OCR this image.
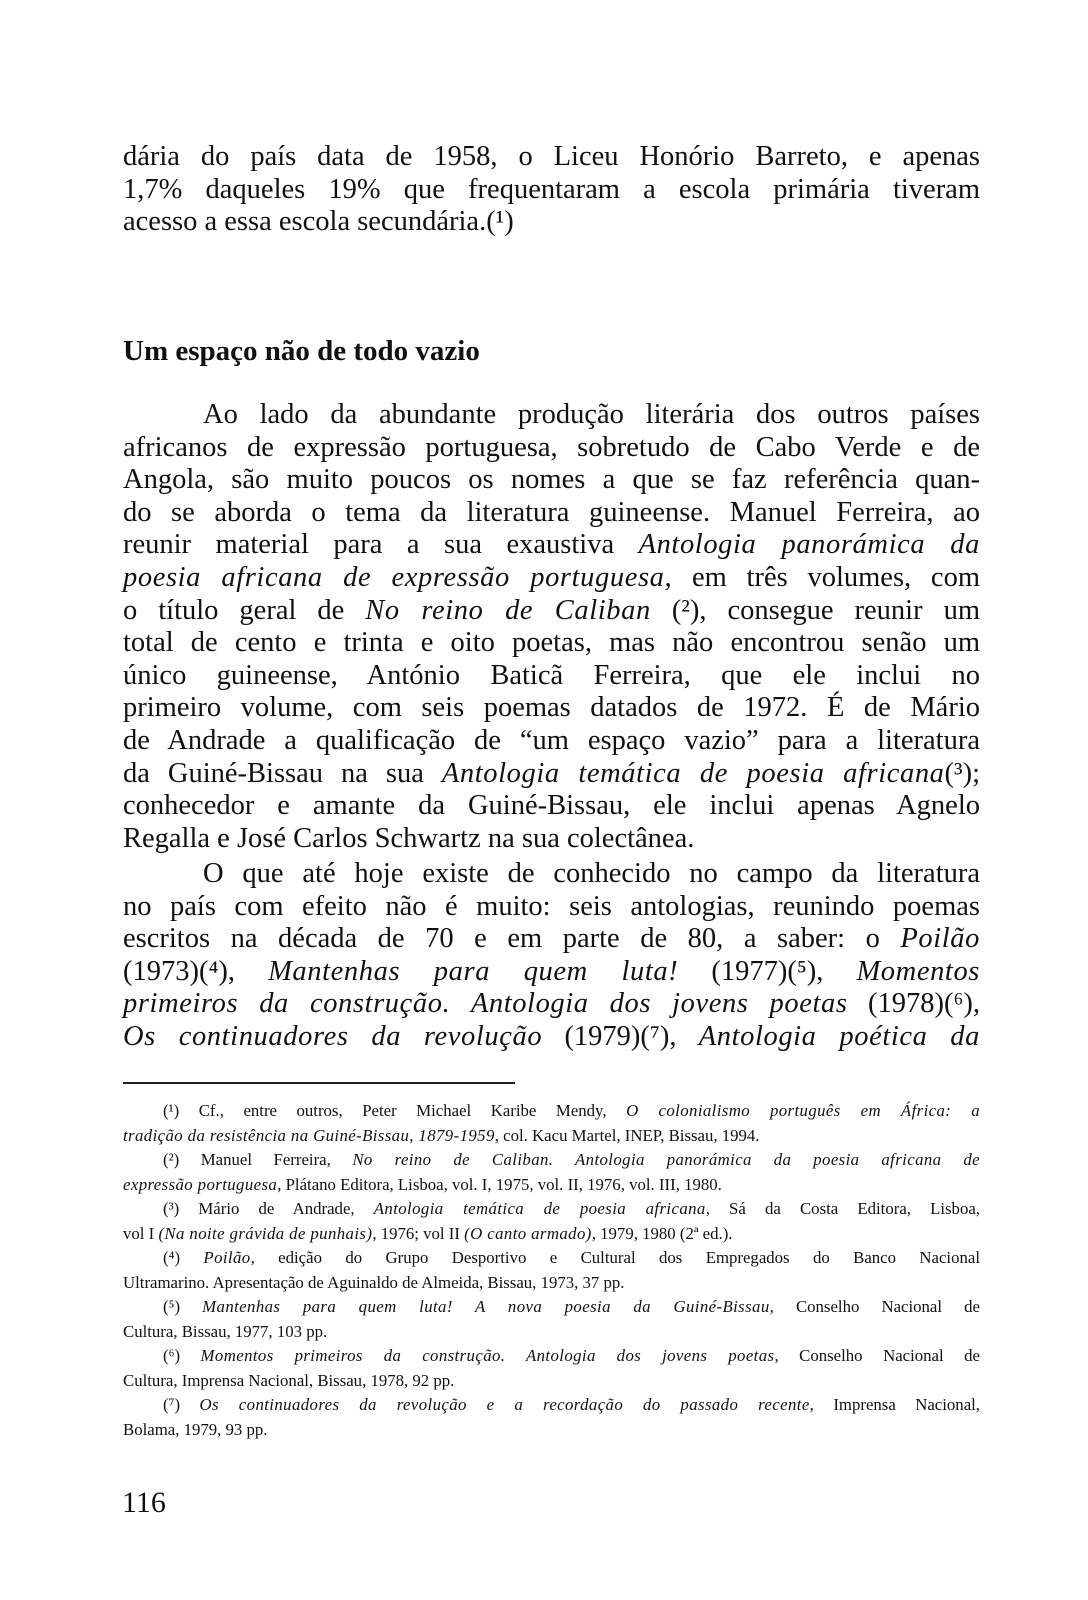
dária do país data de 1958, o Liceu Honório Barreto, e apenas
1,7% daqueles 19% que frequentaram a escola primária tiveram
acesso a essa escola secundária.(¹)
Um espaço não de todo vazio
Ao lado da abundante produção literária dos outros países
africanos de expressão portuguesa, sobretudo de Cabo Verde e de
Angola, são muito poucos os nomes a que se faz referência quan-
do se aborda o tema da literatura guineense. Manuel Ferreira, ao
reunir material para a sua exaustiva Antologia panorámica da
poesia africana de expressão portuguesa, em três volumes, com
o título geral de No reino de Caliban (²), consegue reunir um
total de cento e trinta e oito poetas, mas não encontrou senão um
único guineense, António Baticã Ferreira, que ele inclui no
primeiro volume, com seis poemas datados de 1972. É de Mário
de Andrade a qualificação de “um espaço vazio” para a literatura
da Guiné-Bissau na sua Antologia temática de poesia africana(³);
conhecedor e amante da Guiné-Bissau, ele inclui apenas Agnelo
Regalla e José Carlos Schwartz na sua colectânea.
O que até hoje existe de conhecido no campo da literatura
no país com efeito não é muito: seis antologias, reunindo poemas
escritos na década de 70 e em parte de 80, a saber: o Poilão
(1973)(⁴), Mantenhas para quem luta! (1977)(⁵), Momentos
primeiros da construção. Antologia dos jovens poetas (1978)(⁶),
Os continuadores da revolução (1979)(⁷), Antologia poética da
(¹) Cf., entre outros, Peter Michael Karibe Mendy, O colonialismo português em África: a
tradição da resistência na Guiné-Bissau, 1879-1959, col. Kacu Martel, INEP, Bissau, 1994.
(²) Manuel Ferreira, No reino de Caliban. Antologia panorámica da poesia africana de
expressão portuguesa, Plátano Editora, Lisboa, vol. I, 1975, vol. II, 1976, vol. III, 1980.
(³) Mário de Andrade, Antologia temática de poesia africana, Sá da Costa Editora, Lisboa,
vol I (Na noite grávida de punhais), 1976; vol II (O canto armado), 1979, 1980 (2ª ed.).
(⁴) Poilão, edição do Grupo Desportivo e Cultural dos Empregados do Banco Nacional
Ultramarino. Apresentação de Aguinaldo de Almeida, Bissau, 1973, 37 pp.
(⁵) Mantenhas para quem luta! A nova poesia da Guiné-Bissau, Conselho Nacional de
Cultura, Bissau, 1977, 103 pp.
(⁶) Momentos primeiros da construção. Antologia dos jovens poetas, Conselho Nacional de
Cultura, Imprensa Nacional, Bissau, 1978, 92 pp.
(⁷) Os continuadores da revolução e a recordação do passado recente, Imprensa Nacional,
Bolama, 1979, 93 pp.
116
